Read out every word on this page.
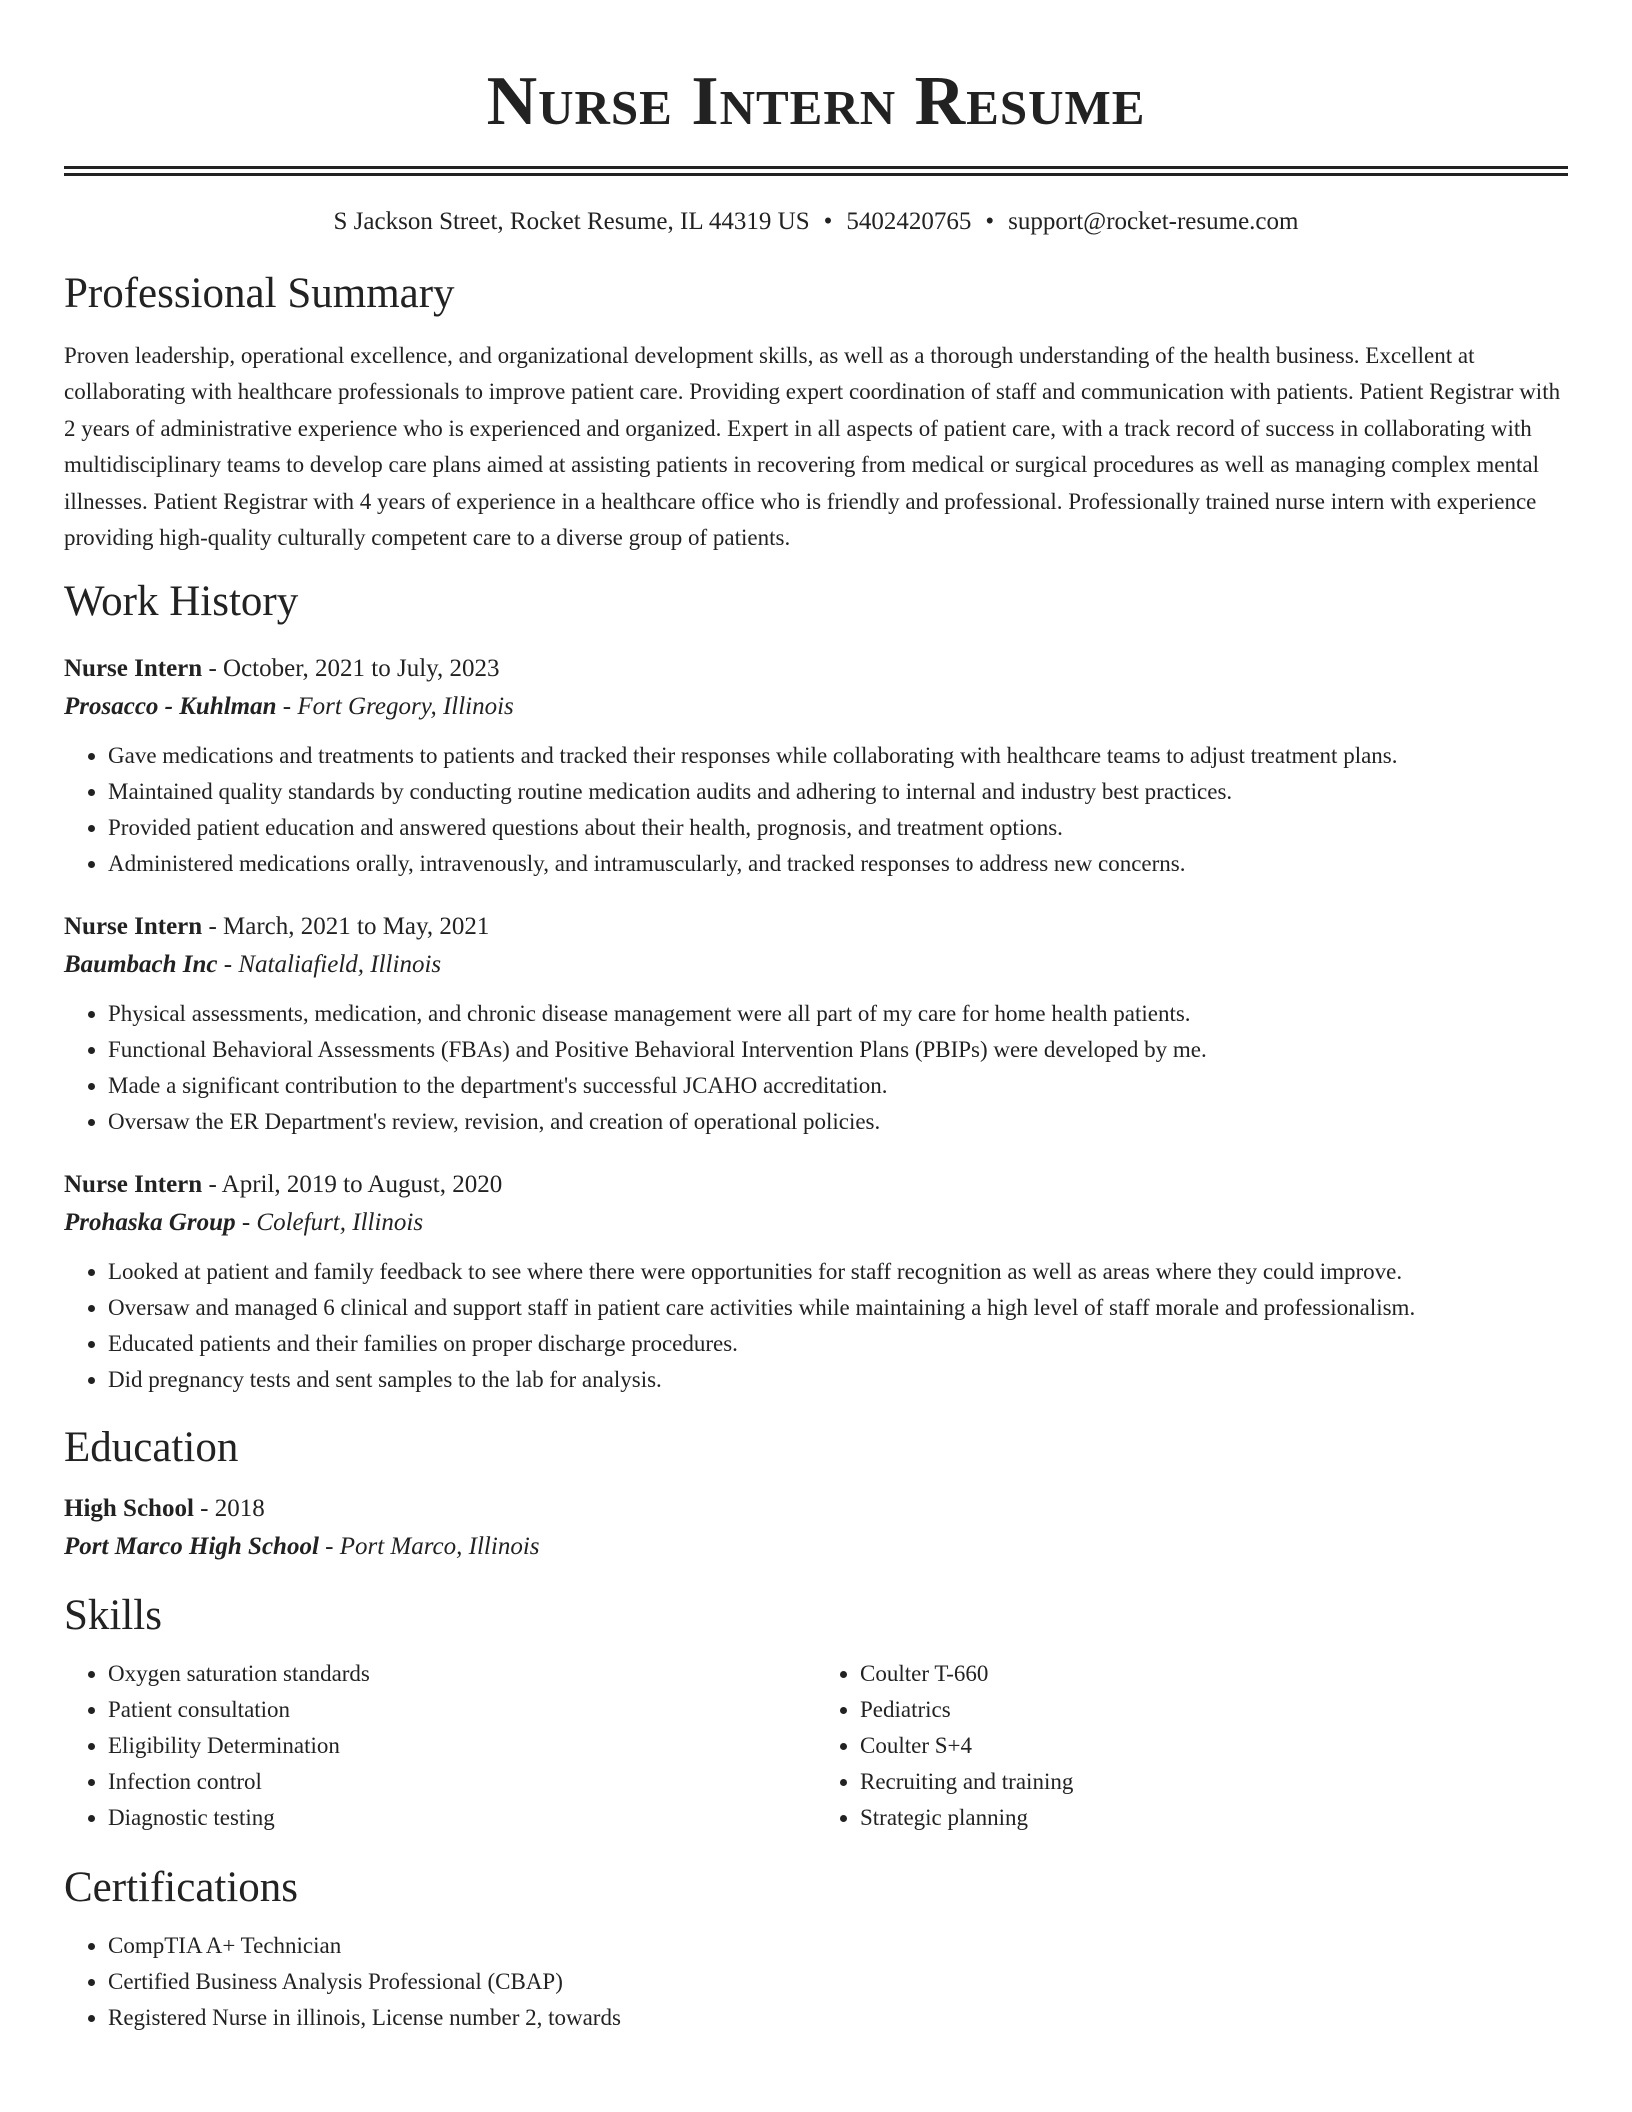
Nurse Intern Resume
S Jackson Street, Rocket Resume, IL 44319 US • 5402420765 • support@rocket-resume.com
Professional Summary

Proven leadership, operational excellence, and organizational development skills, as well as a thorough understanding of the health business. Excellent at collaborating with healthcare professionals to improve patient care. Providing expert coordination of staff and communication with patients. Patient Registrar with 2 years of administrative experience who is experienced and organized. Expert in all aspects of patient care, with a track record of success in collaborating with multidisciplinary teams to develop care plans aimed at assisting patients in recovering from medical or surgical procedures as well as managing complex mental illnesses. Patient Registrar with 4 years of experience in a healthcare office who is friendly and professional. Professionally trained nurse intern with experience providing high-quality culturally competent care to a diverse group of patients.

Work History
Nurse Intern - October, 2021 to July, 2023
Prosacco - Kuhlman - Fort Gregory, Illinois
• Gave medications and treatments to patients and tracked their responses while collaborating with healthcare teams to adjust treatment plans.
• Maintained quality standards by conducting routine medication audits and adhering to internal and industry best practices.
• Provided patient education and answered questions about their health, prognosis, and treatment options.
• Administered medications orally, intravenously, and intramuscularly, and tracked responses to address new concerns.
Nurse Intern - March, 2021 to May, 2021
Baumbach Inc - Nataliafield, Illinois
• Physical assessments, medication, and chronic disease management were all part of my care for home health patients.
• Functional Behavioral Assessments (FBAs) and Positive Behavioral Intervention Plans (PBIPs) were developed by me.
• Made a significant contribution to the department's successful JCAHO accreditation.
• Oversaw the ER Department's review, revision, and creation of operational policies.
Nurse Intern - April, 2019 to August, 2020
Prohaska Group - Colefurt, Illinois
• Looked at patient and family feedback to see where there were opportunities for staff recognition as well as areas where they could improve.
• Oversaw and managed 6 clinical and support staff in patient care activities while maintaining a high level of staff morale and professionalism.
• Educated patients and their families on proper discharge procedures.
• Did pregnancy tests and sent samples to the lab for analysis.
Education
High School - 2018
Port Marco High School - Port Marco, Illinois
Skills
• Oxygen saturation standards
• Patient consultation
• Eligibility Determination
• Infection control
• Diagnostic testing
• Coulter T-660
• Pediatrics
• Coulter S+4
• Recruiting and training
• Strategic planning
Certifications
• CompTIA A+ Technician
• Certified Business Analysis Professional (CBAP)
• Registered Nurse in illinois, License number 2, towards
